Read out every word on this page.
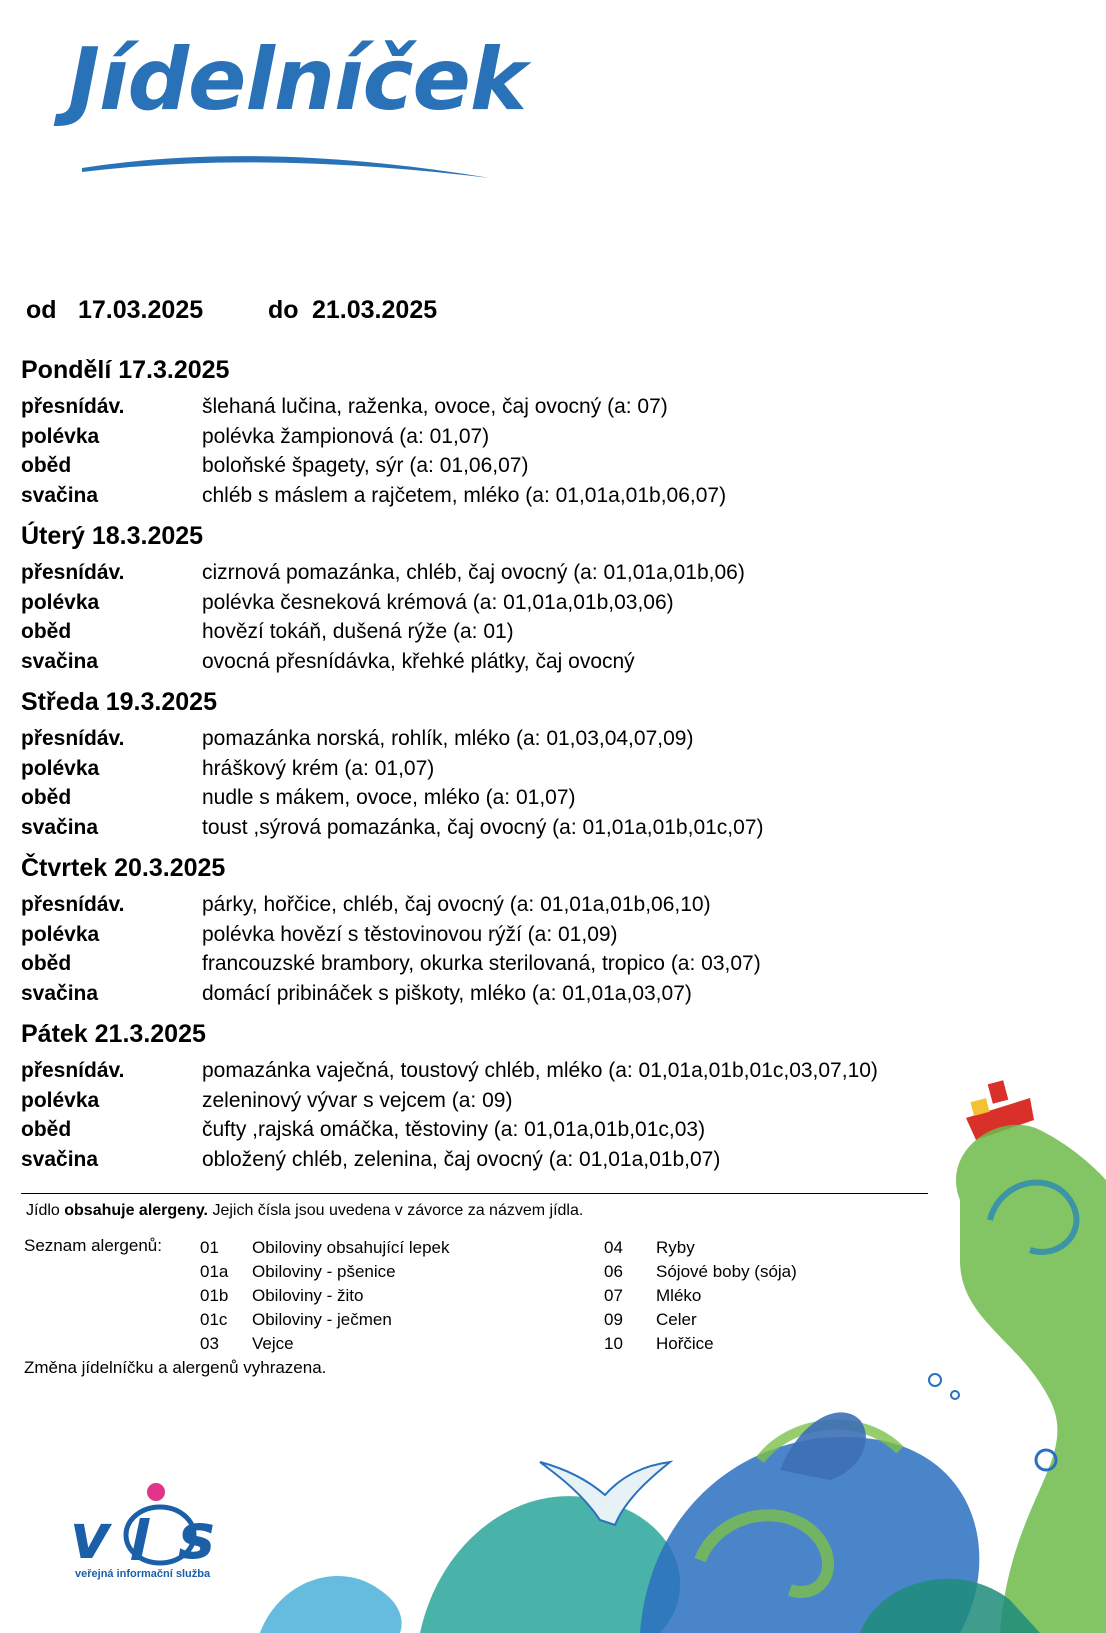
Jídelníček
od 17.03.2025	do 21.03.2025
Pondělí 17.3.2025
přesnídáv.	šlehaná lučina, raženka, ovoce, čaj ovocný (a: 07)
polévka	polévka žampionová (a: 01,07)
oběd	boloňské špagety, sýr (a: 01,06,07)
svačina	chléb s máslem a rajčetem, mléko (a: 01,01a,01b,06,07)
Úterý 18.3.2025
přesnídáv.	cizrnová pomazánka, chléb, čaj ovocný (a: 01,01a,01b,06)
polévka	polévka česneková krémová (a: 01,01a,01b,03,06)
oběd	hovězí tokáň, dušená rýže (a: 01)
svačina	ovocná přesnídávka, křehké plátky, čaj ovocný
Středa 19.3.2025
přesnídáv.	pomazánka norská, rohlík, mléko (a: 01,03,04,07,09)
polévka	hráškový krém (a: 01,07)
oběd	nudle s mákem, ovoce, mléko (a: 01,07)
svačina	toust ,sýrová pomazánka, čaj ovocný (a: 01,01a,01b,01c,07)
Čtvrtek 20.3.2025
přesnídáv.	párky, hořčice, chléb, čaj ovocný (a: 01,01a,01b,06,10)
polévka	polévka hovězí s těstovinovou rýží (a: 01,09)
oběd	francouzské brambory, okurka sterilovaná, tropico (a: 03,07)
svačina	domácí pribináček s piškoty, mléko (a: 01,01a,03,07)
Pátek 21.3.2025
přesnídáv.	pomazánka vaječná, toustový chléb, mléko (a: 01,01a,01b,01c,03,07,10)
polévka	zeleninový vývar s vejcem (a: 09)
oběd	čufty ,rajská omáčka, těstoviny (a: 01,01a,01b,01c,03)
svačina	obložený chléb, zelenina, čaj ovocný (a: 01,01a,01b,07)
Jídlo obsahuje alergeny. Jejich čísla jsou uvedena v závorce za názvem jídla.
Seznam alergenů:	01 Obiloviny obsahující lepek
01a Obiloviny - pšenice
01b Obiloviny - žito
01c Obiloviny - ječmen
03 Vejce
04 Ryby
06 Sójové boby (sója)
07 Mléko
09 Celer
10 Hořčice
Změna jídelníčku a alergenů vyhrazena.
v s
veřejná informační služba
